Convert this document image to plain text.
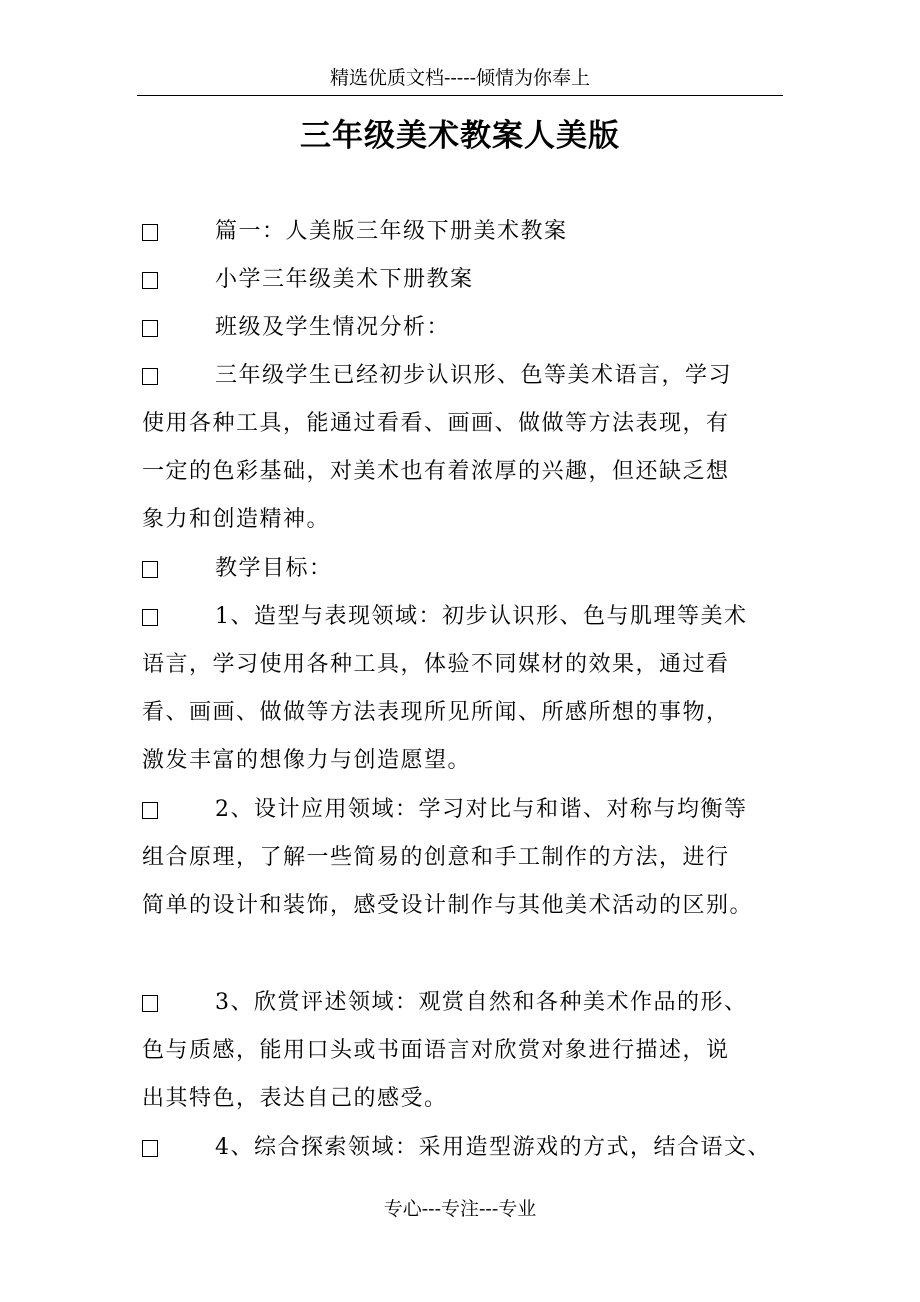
精选优质文档-----倾情为你奉上
三年级美术教案人美版
篇一：人美版三年级下册美术教案
小学三年级美术下册教案
班级及学生情况分析：
三年级学生已经初步认识形、色等美术语言，学习
使用各种工具，能通过看看、画画、做做等方法表现，有
一定的色彩基础，对美术也有着浓厚的兴趣，但还缺乏想
象力和创造精神。
教学目标：
1、造型与表现领域：初步认识形、色与肌理等美术
语言，学习使用各种工具，体验不同媒材的效果，通过看
看、画画、做做等方法表现所见所闻、所感所想的事物，
激发丰富的想像力与创造愿望。
2、设计应用领域：学习对比与和谐、对称与均衡等
组合原理，了解一些简易的创意和手工制作的方法，进行
简单的设计和装饰，感受设计制作与其他美术活动的区别。
3、欣赏评述领域：观赏自然和各种美术作品的形、
色与质感，能用口头或书面语言对欣赏对象进行描述，说
出其特色，表达自己的感受。
4、综合探索领域：采用造型游戏的方式，结合语文、
专心---专注---专业
